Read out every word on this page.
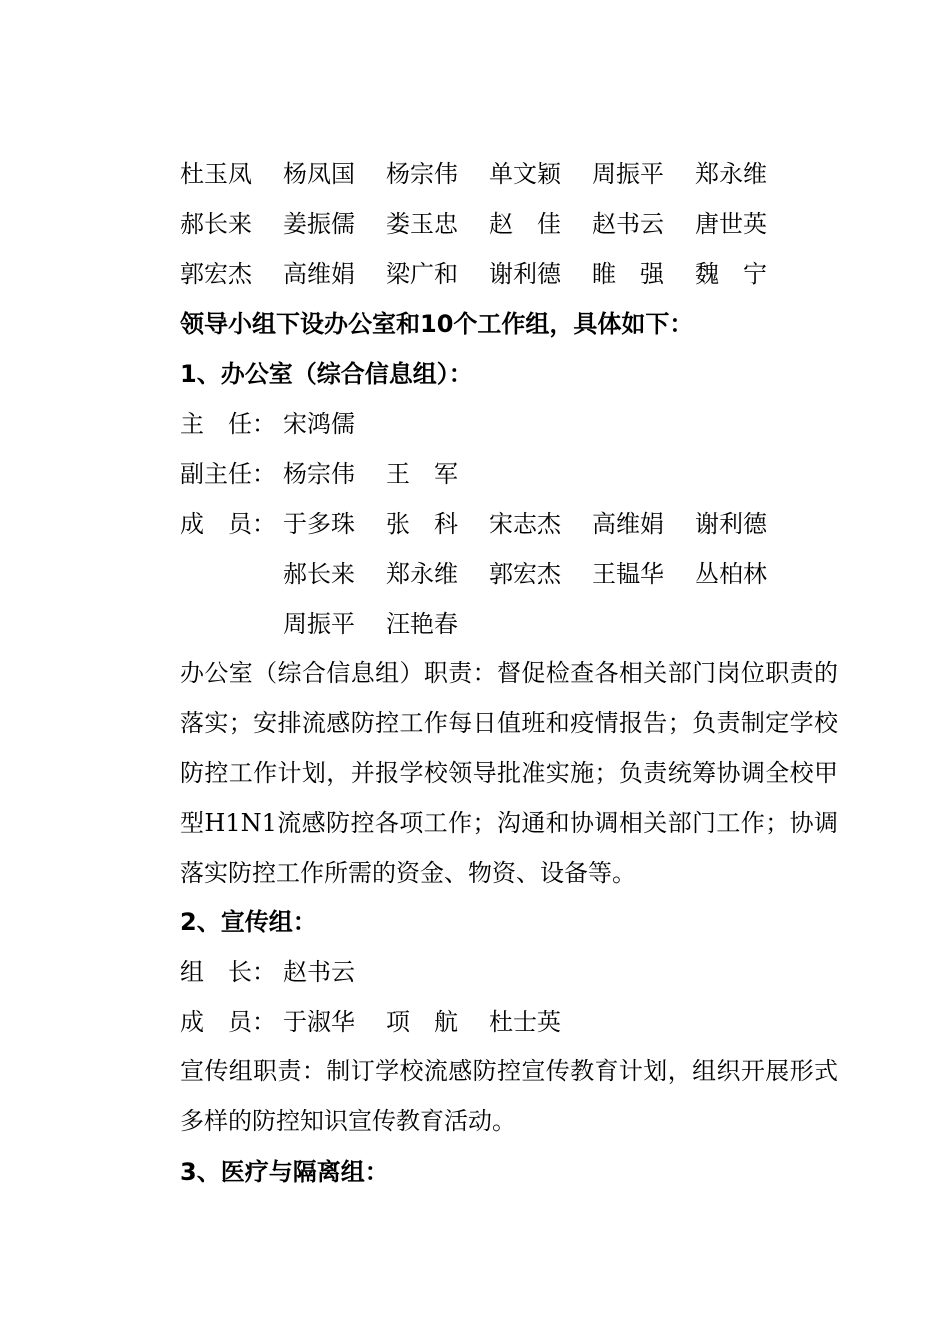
杜玉凤 杨凤国 杨宗伟 单文颖 周振平 郑永维
郝长来 姜振儒 娄玉忠 赵　佳 赵书云 唐世英
郭宏杰 高维娟 梁广和 谢利德 睢　强 魏　宁
领导小组下设办公室和10个工作组，具体如下：
1、办公室（综合信息组）：
主　任： 宋鸿儒
副主任： 杨宗伟 王　军
成　员： 于多珠 张　科 宋志杰 高维娟 谢利德
郝长来 郑永维 郭宏杰 王韫华 丛柏林
周振平 汪艳春
办公室（综合信息组）职责：督促检查各相关部门岗位职责的落实；安排流感防控工作每日值班和疫情报告；负责制定学校防控工作计划，并报学校领导批准实施；负责统筹协调全校甲型H1N1流感防控各项工作；沟通和协调相关部门工作；协调落实防控工作所需的资金、物资、设备等。
2、宣传组：
组　长： 赵书云
成　员： 于淑华 项　航 杜士英
宣传组职责：制订学校流感防控宣传教育计划，组织开展形式多样的防控知识宣传教育活动。
3、医疗与隔离组：
